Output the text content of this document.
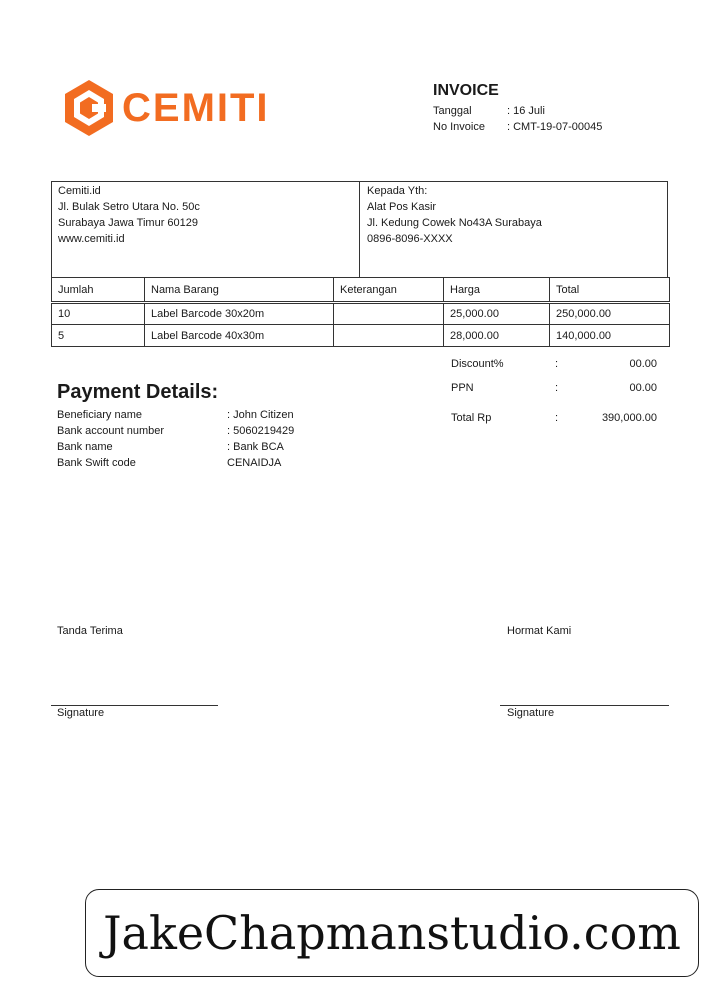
CEMITI	INVOICE
Tanggal	: 16 Juli
No Invoice	: CMT-19-07-00045
Cemiti.id
Jl. Bulak Setro Utara No. 50c
Surabaya Jawa Timur 60129
www.cemiti.id
Kepada Yth:
Alat Pos Kasir
Jl. Kedung Cowek No43A Surabaya
0896-8096-XXXX
Jumlah	Nama Barang	Keterangan	Harga	Total
10	Label Barcode 30x20m		25,000.00	250,000.00
5	Label Barcode 40x30m		28,000.00	140,000.00
Discount%	:	00.00
PPN	:	00.00
Total Rp	:	390,000.00
Payment Details:
Beneficiary name	: John Citizen
Bank account number	: 5060219429
Bank name	: Bank BCA
Bank Swift code	CENAIDJA
Tanda Terima	Hormat Kami
Signature	Signature
JakeChapmanstudio.com
